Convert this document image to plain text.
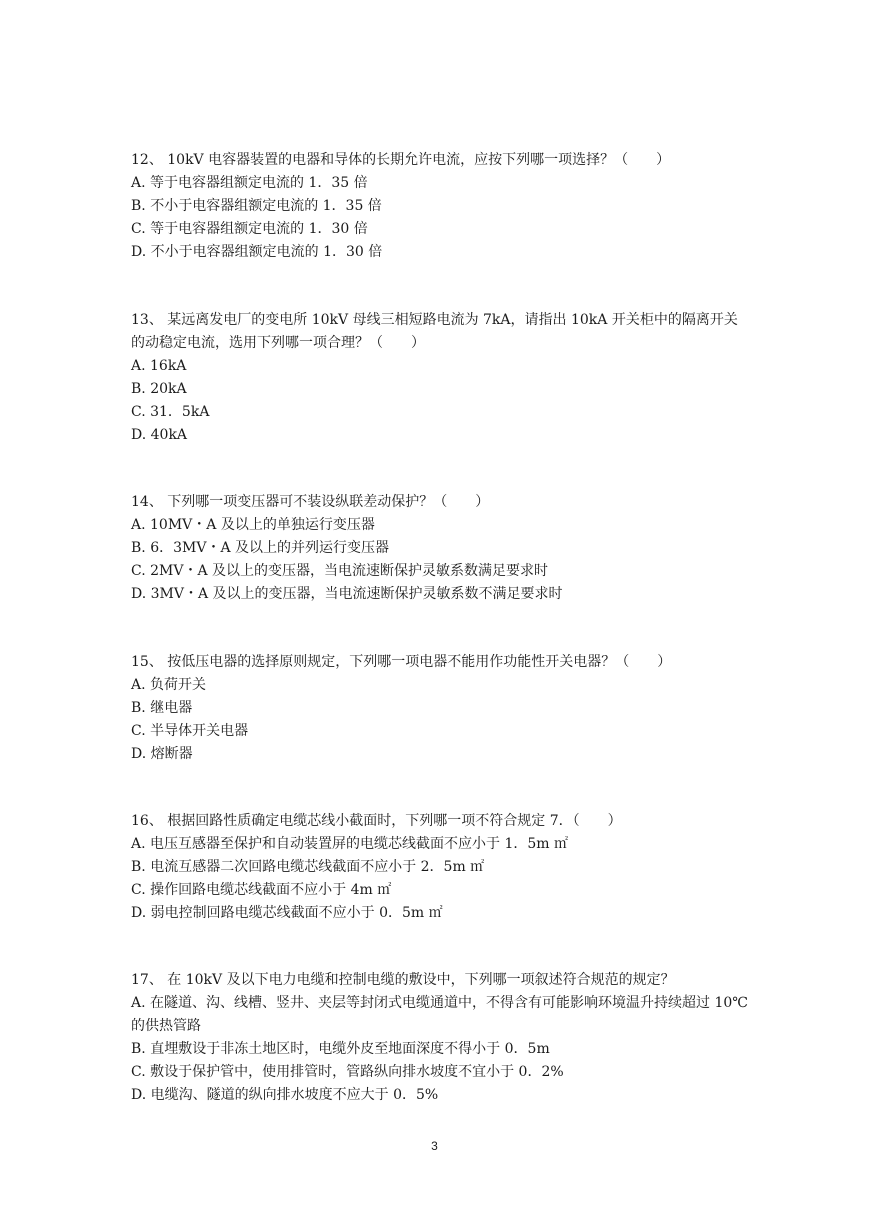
12、 10kV 电容器装置的电器和导体的长期允许电流，应按下列哪一项选择？（　　）

A. 等于电容器组额定电流的 1．35 倍

B. 不小于电容器组额定电流的 1．35 倍

C. 等于电容器组额定电流的 1．30 倍

D. 不小于电容器组额定电流的 1．30 倍

13、 某远离发电厂的变电所 10kV 母线三相短路电流为 7kA，请指出 10kA 开关柜中的隔离开关的动稳定电流，选用下列哪一项合理？（　　）

A. 16kA

B. 20kA

C. 31．5kA

D. 40kA

14、 下列哪一项变压器可不装设纵联差动保护？（　　）

A. 10MV・A 及以上的单独运行变压器

B. 6．3MV・A 及以上的并列运行变压器

C. 2MV・A 及以上的变压器，当电流速断保护灵敏系数满足要求时

D. 3MV・A 及以上的变压器，当电流速断保护灵敏系数不满足要求时

15、 按低压电器的选择原则规定，下列哪一项电器不能用作功能性开关电器？（　　）

A. 负荷开关

B. 继电器

C. 半导体开关电器

D. 熔断器

16、 根据回路性质确定电缆芯线小截面时，下列哪一项不符合规定 7．（　　）

A. 电压互感器至保护和自动装置屏的电缆芯线截面不应小于 1．5m ㎡

B. 电流互感器二次回路电缆芯线截面不应小于 2．5m ㎡

C. 操作回路电缆芯线截面不应小于 4m ㎡

D. 弱电控制回路电缆芯线截面不应小于 0．5m ㎡

17、 在 10kV 及以下电力电缆和控制电缆的敷设中，下列哪一项叙述符合规范的规定？

A. 在隧道、沟、线槽、竖井、夹层等封闭式电缆通道中，不得含有可能影响环境温升持续超过 10℃的供热管路

B. 直埋敷设于非冻土地区时，电缆外皮至地面深度不得小于 0．5m

C. 敷设于保护管中，使用排管时，管路纵向排水坡度不宜小于 0．2%

D. 电缆沟、隧道的纵向排水坡度不应大于 0．5%

3
